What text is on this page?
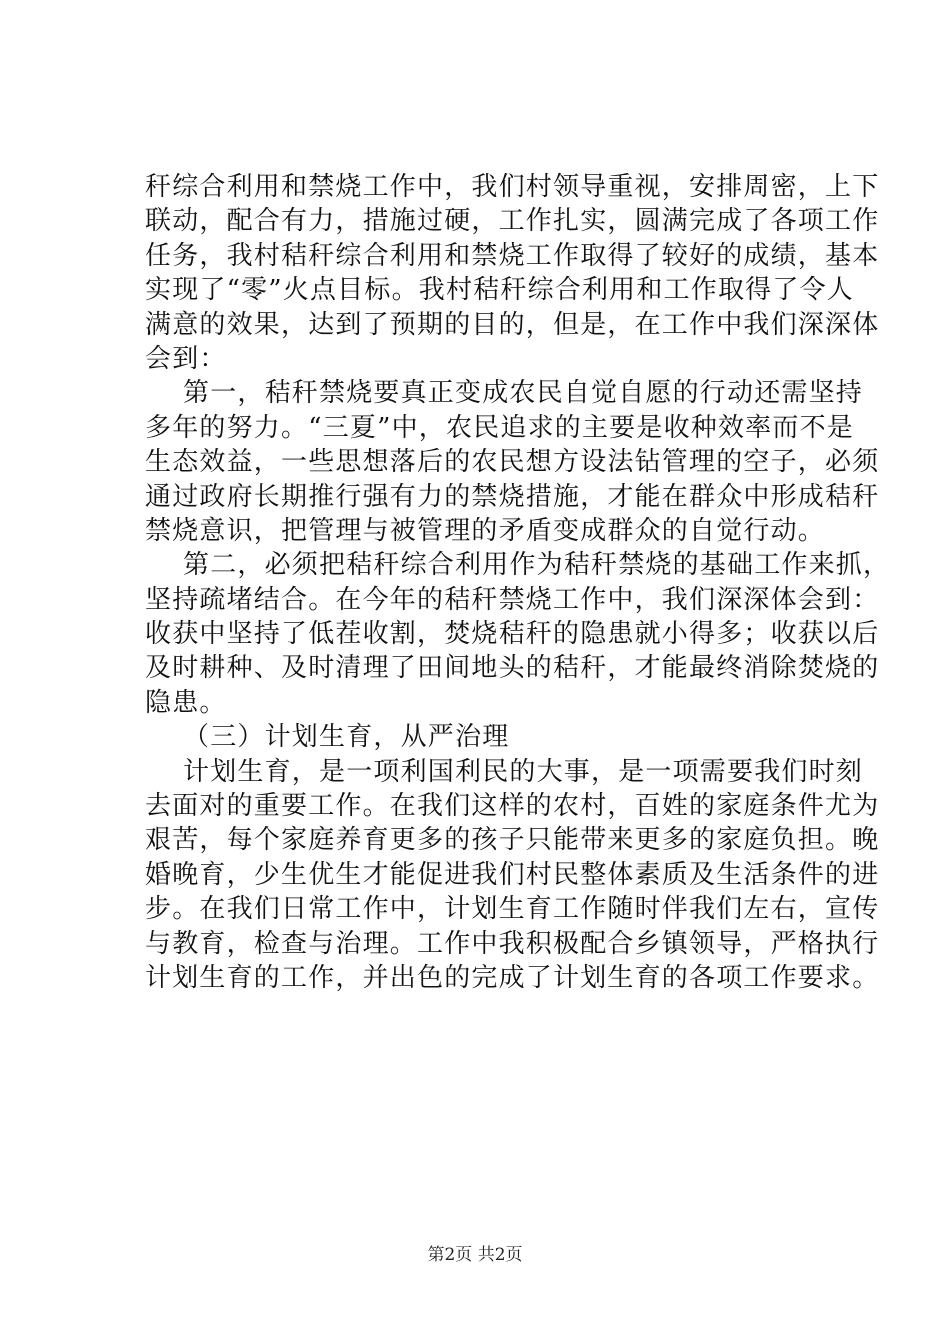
秆综合利用和禁烧工作中，我们村领导重视，安排周密，上下
联动，配合有力，措施过硬，工作扎实，圆满完成了各项工作
任务，我村秸秆综合利用和禁烧工作取得了较好的成绩，基本
实现了“零”火点目标。我村秸秆综合利用和工作取得了令人
满意的效果，达到了预期的目的，但是，在工作中我们深深体
会到：
第一，秸秆禁烧要真正变成农民自觉自愿的行动还需坚持
多年的努力。“三夏”中，农民追求的主要是收种效率而不是
生态效益，一些思想落后的农民想方设法钻管理的空子，必须
通过政府长期推行强有力的禁烧措施，才能在群众中形成秸秆
禁烧意识，把管理与被管理的矛盾变成群众的自觉行动。
第二，必须把秸秆综合利用作为秸秆禁烧的基础工作来抓，
坚持疏堵结合。在今年的秸秆禁烧工作中，我们深深体会到：
收获中坚持了低茬收割，焚烧秸秆的隐患就小得多；收获以后
及时耕种、及时清理了田间地头的秸秆，才能最终消除焚烧的
隐患。
（三）计划生育，从严治理
计划生育，是一项利国利民的大事，是一项需要我们时刻
去面对的重要工作。在我们这样的农村，百姓的家庭条件尤为
艰苦，每个家庭养育更多的孩子只能带来更多的家庭负担。晚
婚晚育，少生优生才能促进我们村民整体素质及生活条件的进
步。在我们日常工作中，计划生育工作随时伴我们左右，宣传
与教育，检查与治理。工作中我积极配合乡镇领导，严格执行
计划生育的工作，并出色的完成了计划生育的各项工作要求。
第2页 共2页
